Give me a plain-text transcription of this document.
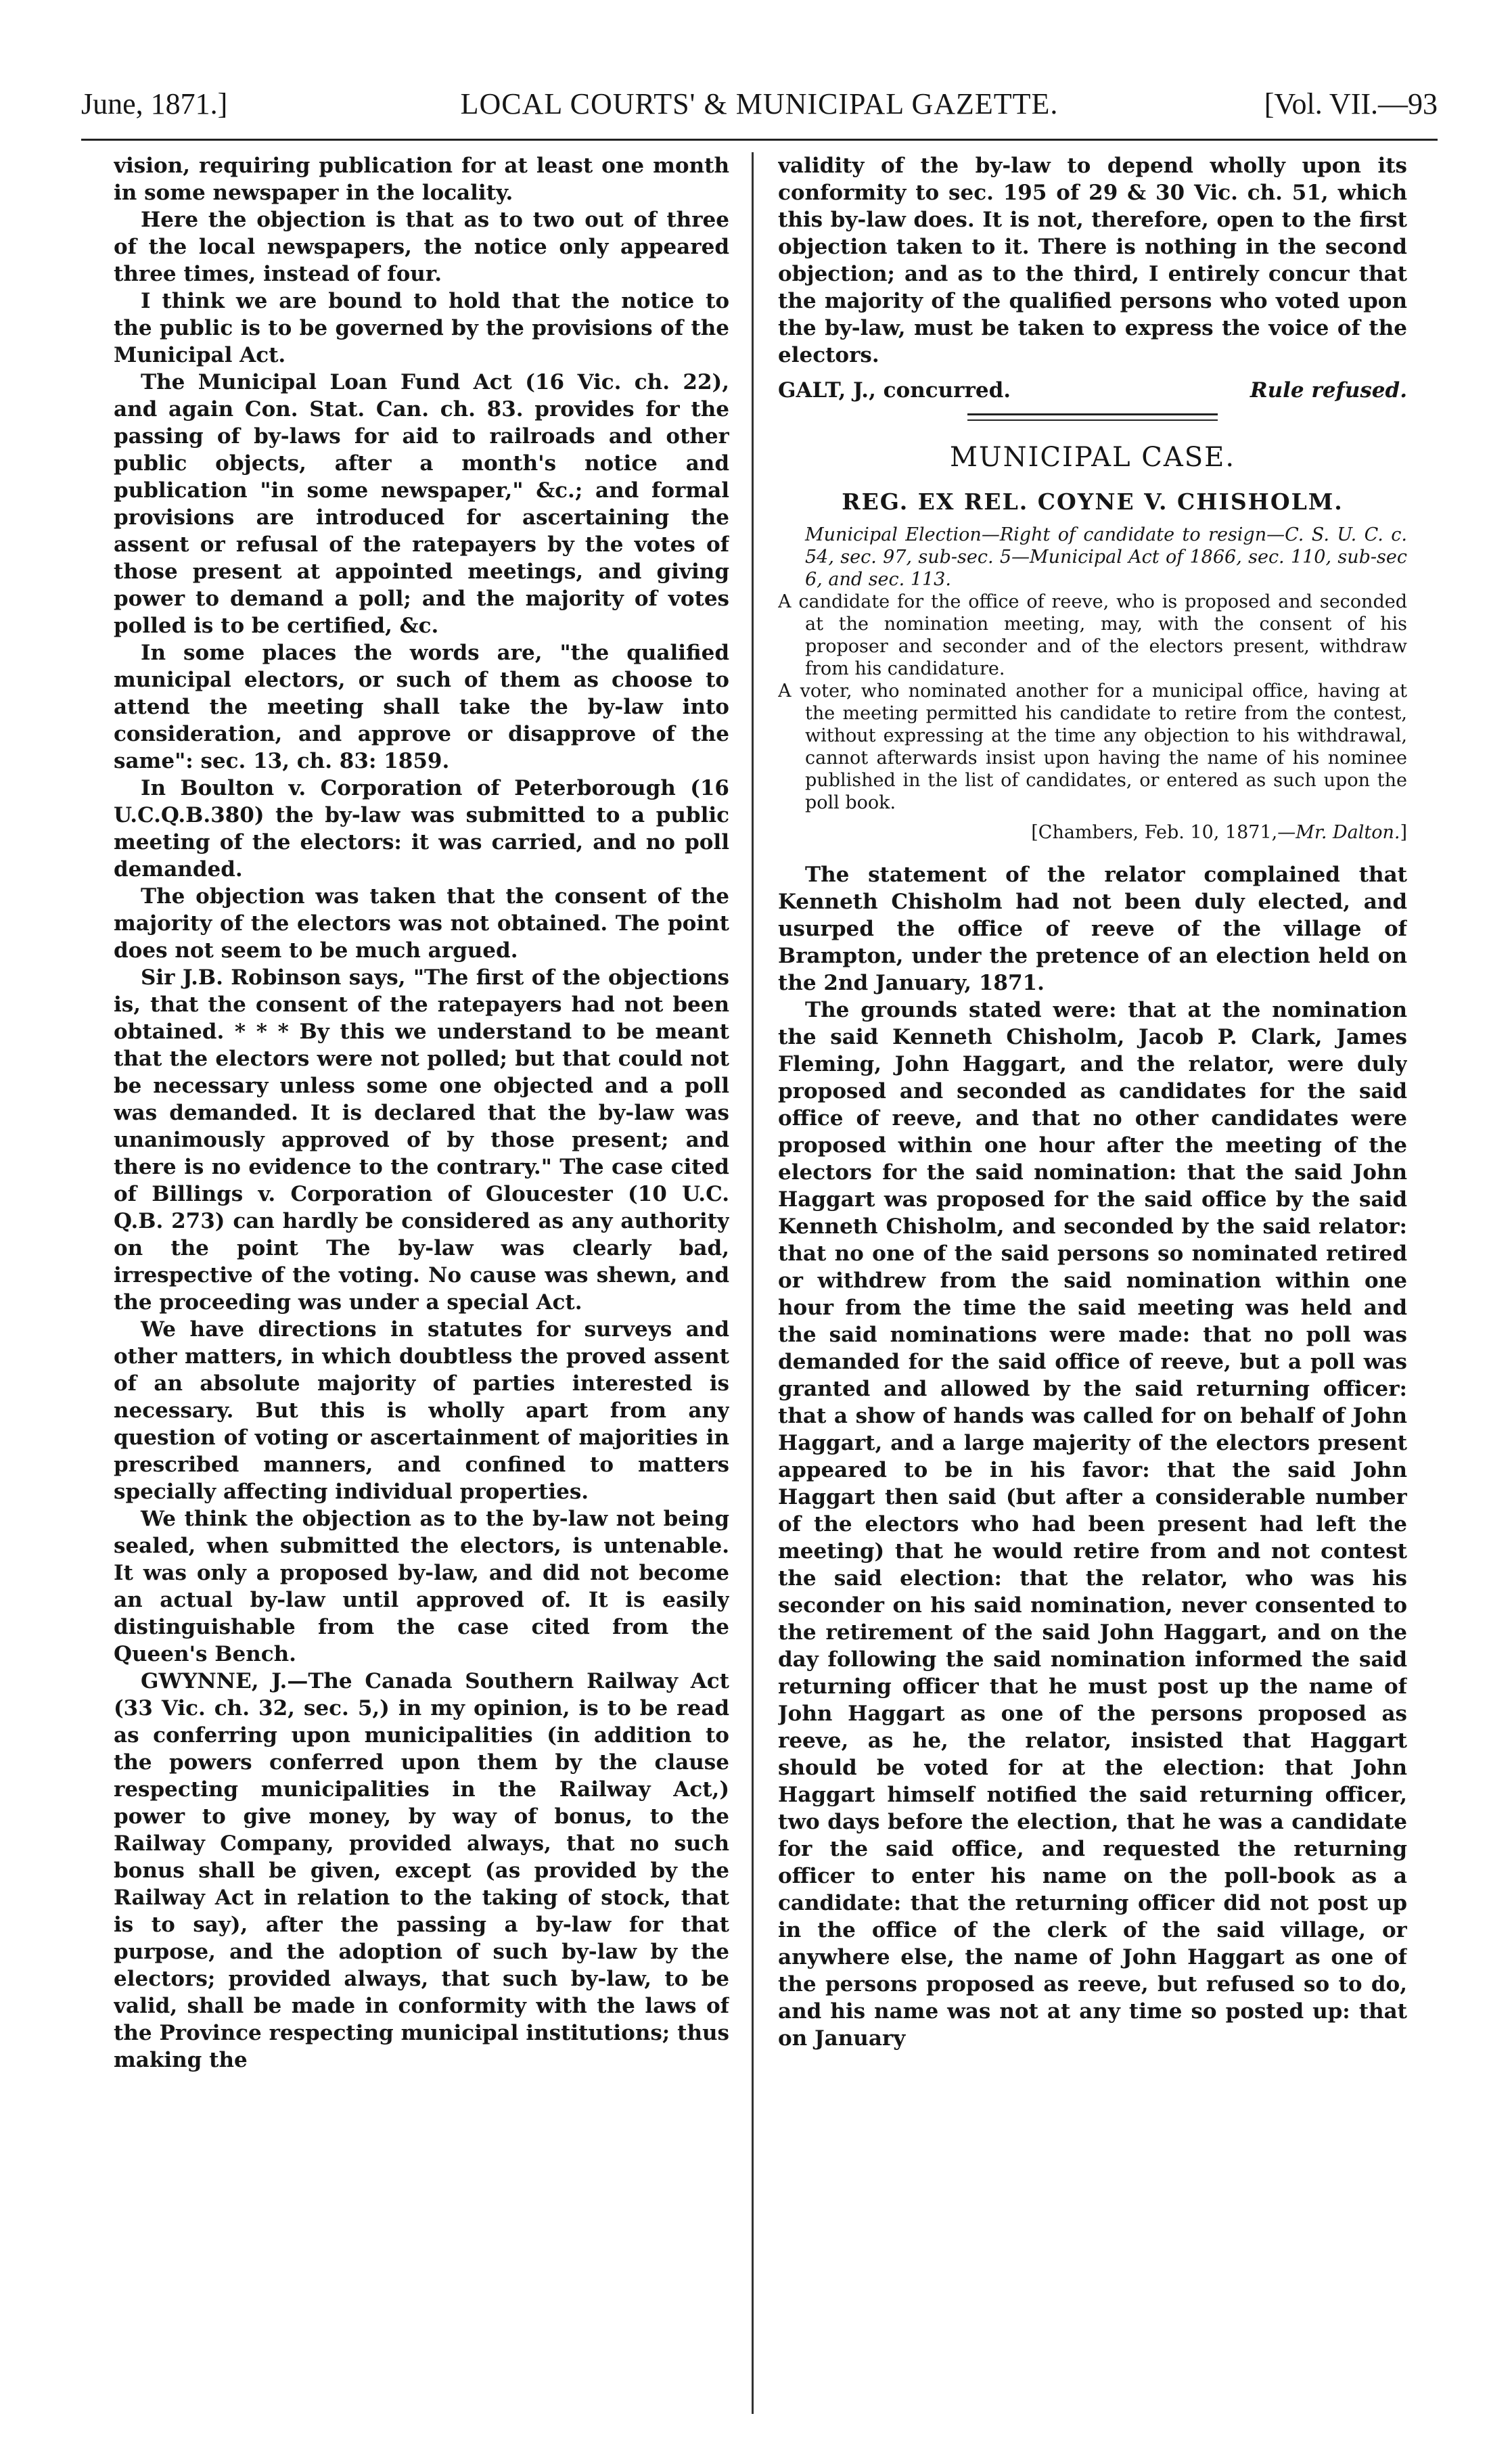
June, 1871.]	LOCAL COURTS' & MUNICIPAL GAZETTE.	[Vol. VII.—93

vision, requiring publication for at least one month in some newspaper in the locality.

Here the objection is that as to two out of three of the local newspapers, the notice only appeared three times, instead of four.

I think we are bound to hold that the notice to the public is to be governed by the provisions of the Municipal Act.

The Municipal Loan Fund Act (16 Vic. ch. 22), and again Con. Stat. Can. ch. 83. provides for the passing of by-laws for aid to railroads and other public objects, after a month's notice and publication "in some newspaper," &c.; and formal provisions are introduced for ascertaining the assent or refusal of the ratepayers by the votes of those present at appointed meetings, and giving power to demand a poll; and the majority of votes polled is to be certified, &c.

In some places the words are, "the qualified municipal electors, or such of them as choose to attend the meeting shall take the by-law into consideration, and approve or disapprove of the same": sec. 13, ch. 83: 1859.

In Boulton v. Corporation of Peterborough (16 U.C.Q.B.380) the by-law was submitted to a public meeting of the electors: it was carried, and no poll demanded.

The objection was taken that the consent of the majority of the electors was not obtained. The point does not seem to be much argued.

Sir J.B. Robinson says, "The first of the objections is, that the consent of the ratepayers had not been obtained. * * * By this we understand to be meant that the electors were not polled; but that could not be necessary unless some one objected and a poll was demanded. It is declared that the by-law was unanimously approved of by those present; and there is no evidence to the contrary." The case cited of Billings v. Corporation of Gloucester (10 U.C. Q.B. 273) can hardly be considered as any authority on the point The by-law was clearly bad, irrespective of the voting. No cause was shewn, and the proceeding was under a special Act.

We have directions in statutes for surveys and other matters, in which doubtless the proved assent of an absolute majority of parties interested is necessary. But this is wholly apart from any question of voting or ascertainment of majorities in prescribed manners, and confined to matters specially affecting individual properties.

We think the objection as to the by-law not being sealed, when submitted the electors, is untenable. It was only a proposed by-law, and did not become an actual by-law until approved of. It is easily distinguishable from the case cited from the Queen's Bench.

GWYNNE, J.—The Canada Southern Railway Act (33 Vic. ch. 32, sec. 5,) in my opinion, is to be read as conferring upon municipalities (in addition to the powers conferred upon them by the clause respecting municipalities in the Railway Act,) power to give money, by way of bonus, to the Railway Company, provided always, that no such bonus shall be given, except (as provided by the Railway Act in relation to the taking of stock, that is to say), after the passing a by-law for that purpose, and the adoption of such by-law by the electors; provided always, that such by-law, to be valid, shall be made in conformity with the laws of the Province respecting municipal institutions; thus making the

validity of the by-law to depend wholly upon its conformity to sec. 195 of 29 & 30 Vic. ch. 51, which this by-law does. It is not, therefore, open to the first objection taken to it. There is nothing in the second objection; and as to the third, I entirely concur that the majority of the qualified persons who voted upon the by-law, must be taken to express the voice of the electors.

GALT, J., concurred.	Rule refused.
MUNICIPAL CASE.
REG. EX REL. COYNE V. CHISHOLM.

Municipal Election—Right of candidate to resign—C. S. U. C. c. 54, sec. 97, sub-sec. 5—Municipal Act of 1866, sec. 110, sub-sec 6, and sec. 113.

A candidate for the office of reeve, who is proposed and seconded at the nomination meeting, may, with the consent of his proposer and seconder and of the electors present, withdraw from his candidature.

A voter, who nominated another for a municipal office, having at the meeting permitted his candidate to retire from the contest, without expressing at the time any objection to his withdrawal, cannot afterwards insist upon having the name of his nominee published in the list of candidates, or entered as such upon the poll book.

[Chambers, Feb. 10, 1871,—Mr. Dalton.]

The statement of the relator complained that Kenneth Chisholm had not been duly elected, and usurped the office of reeve of the village of Brampton, under the pretence of an election held on the 2nd January, 1871.

The grounds stated were: that at the nomination the said Kenneth Chisholm, Jacob P. Clark, James Fleming, John Haggart, and the relator, were duly proposed and seconded as candidates for the said office of reeve, and that no other candidates were proposed within one hour after the meeting of the electors for the said nomination: that the said John Haggart was proposed for the said office by the said Kenneth Chisholm, and seconded by the said relator: that no one of the said persons so nominated retired or withdrew from the said nomination within one hour from the time the said meeting was held and the said nominations were made: that no poll was demanded for the said office of reeve, but a poll was granted and allowed by the said returning officer: that a show of hands was called for on behalf of John Haggart, and a large majerity of the electors present appeared to be in his favor: that the said John Haggart then said (but after a considerable number of the electors who had been present had left the meeting) that he would retire from and not contest the said election: that the relator, who was his seconder on his said nomination, never consented to the retirement of the said John Haggart, and on the day following the said nomination informed the said returning officer that he must post up the name of John Haggart as one of the persons proposed as reeve, as he, the relator, insisted that Haggart should be voted for at the election: that John Haggart himself notified the said returning officer, two days before the election, that he was a candidate for the said office, and requested the returning officer to enter his name on the poll-book as a candidate: that the returning officer did not post up in the office of the clerk of the said village, or anywhere else, the name of John Haggart as one of the persons proposed as reeve, but refused so to do, and his name was not at any time so posted up: that on January
